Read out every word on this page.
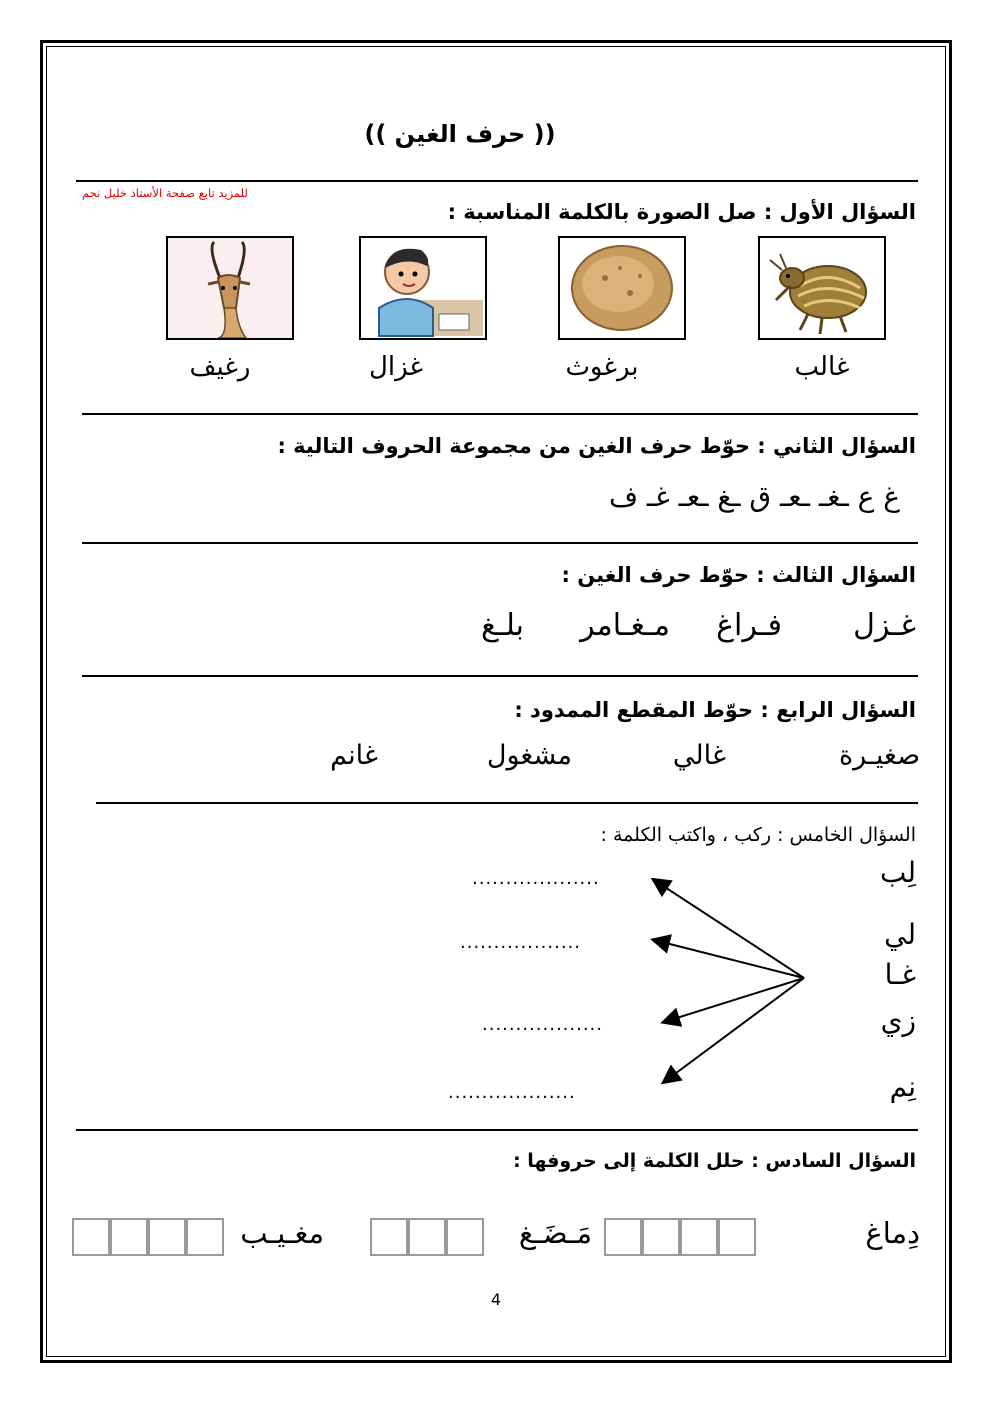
(( حرف الغين ))
للمزيد تابع صفحة الأستاذ خليل نجم
السؤال الأول : صل الصورة بالكلمة المناسبة :
غالب
برغوث
غزال
رغيف
السؤال الثاني : حوّط حرف الغين من مجموعة الحروف التالية :
غ ع ـغـ ـعـ ق ـغ ـعـ غـ ف
السؤال الثالث : حوّط حرف الغين :
غـزل
فـراغ
مـغـامر
بلـغ
السؤال الرابع : حوّط المقطع الممدود :
صغيـرة
غالي
مشغول
غانم
السؤال الخامس : ركب ، واكتب الكلمة :
لِب
لي
غـا
زي
نِم
...................
..................
..................
...................
السؤال السادس : حلل الكلمة إلى حروفها :
دِماغ
مَـضَـغ
مغـيـب
4
